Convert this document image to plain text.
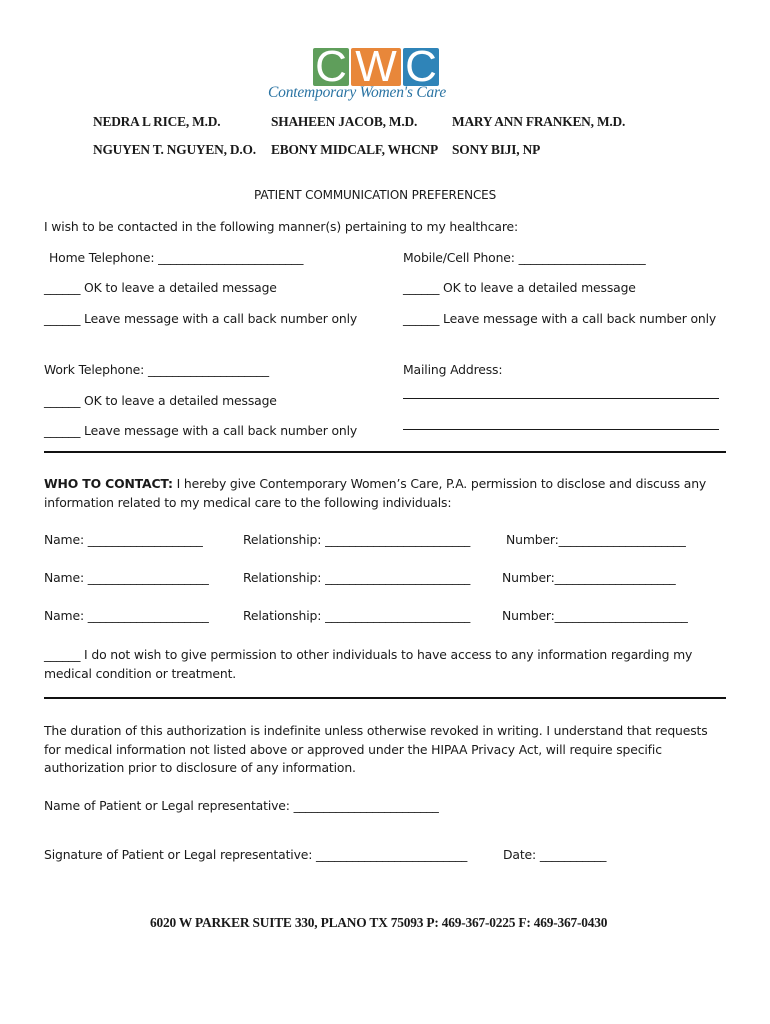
C W C
Contemporary Women's Care
NEDRA L RICE, M.D.	SHAHEEN JACOB, M.D.	MARY ANN FRANKEN, M.D.
NGUYEN T. NGUYEN, D.O. EBONY MIDCALF, WHCNP SONY BIJI, NP
PATIENT COMMUNICATION PREFERENCES
I wish to be contacted in the following manner(s) pertaining to my healthcare:
Home Telephone: ________________________	Mobile/Cell Phone: _____________________
______ OK to leave a detailed message	______ OK to leave a detailed message
______ Leave message with a call back number only	______ Leave message with a call back number only
Work Telephone: ____________________	Mailing Address:
______ OK to leave a detailed message
______ Leave message with a call back number only
WHO TO CONTACT: I hereby give Contemporary Women’s Care, P.A. permission to disclose and discuss any
information related to my medical care to the following individuals:
Name: ___________________	Relationship: ________________________	Number:_____________________
Name: ____________________	Relationship: ________________________	Number:____________________
Name: ____________________	Relationship: ________________________	Number:______________________
______ I do not wish to give permission to other individuals to have access to any information regarding my
medical condition or treatment.
The duration of this authorization is indefinite unless otherwise revoked in writing. I understand that requests
for medical information not listed above or approved under the HIPAA Privacy Act, will require specific
authorization prior to disclosure of any information.
Name of Patient or Legal representative: ________________________
Signature of Patient or Legal representative: _________________________	Date: ___________
6020 W PARKER SUITE 330, PLANO TX 75093 P: 469-367-0225 F: 469-367-0430
